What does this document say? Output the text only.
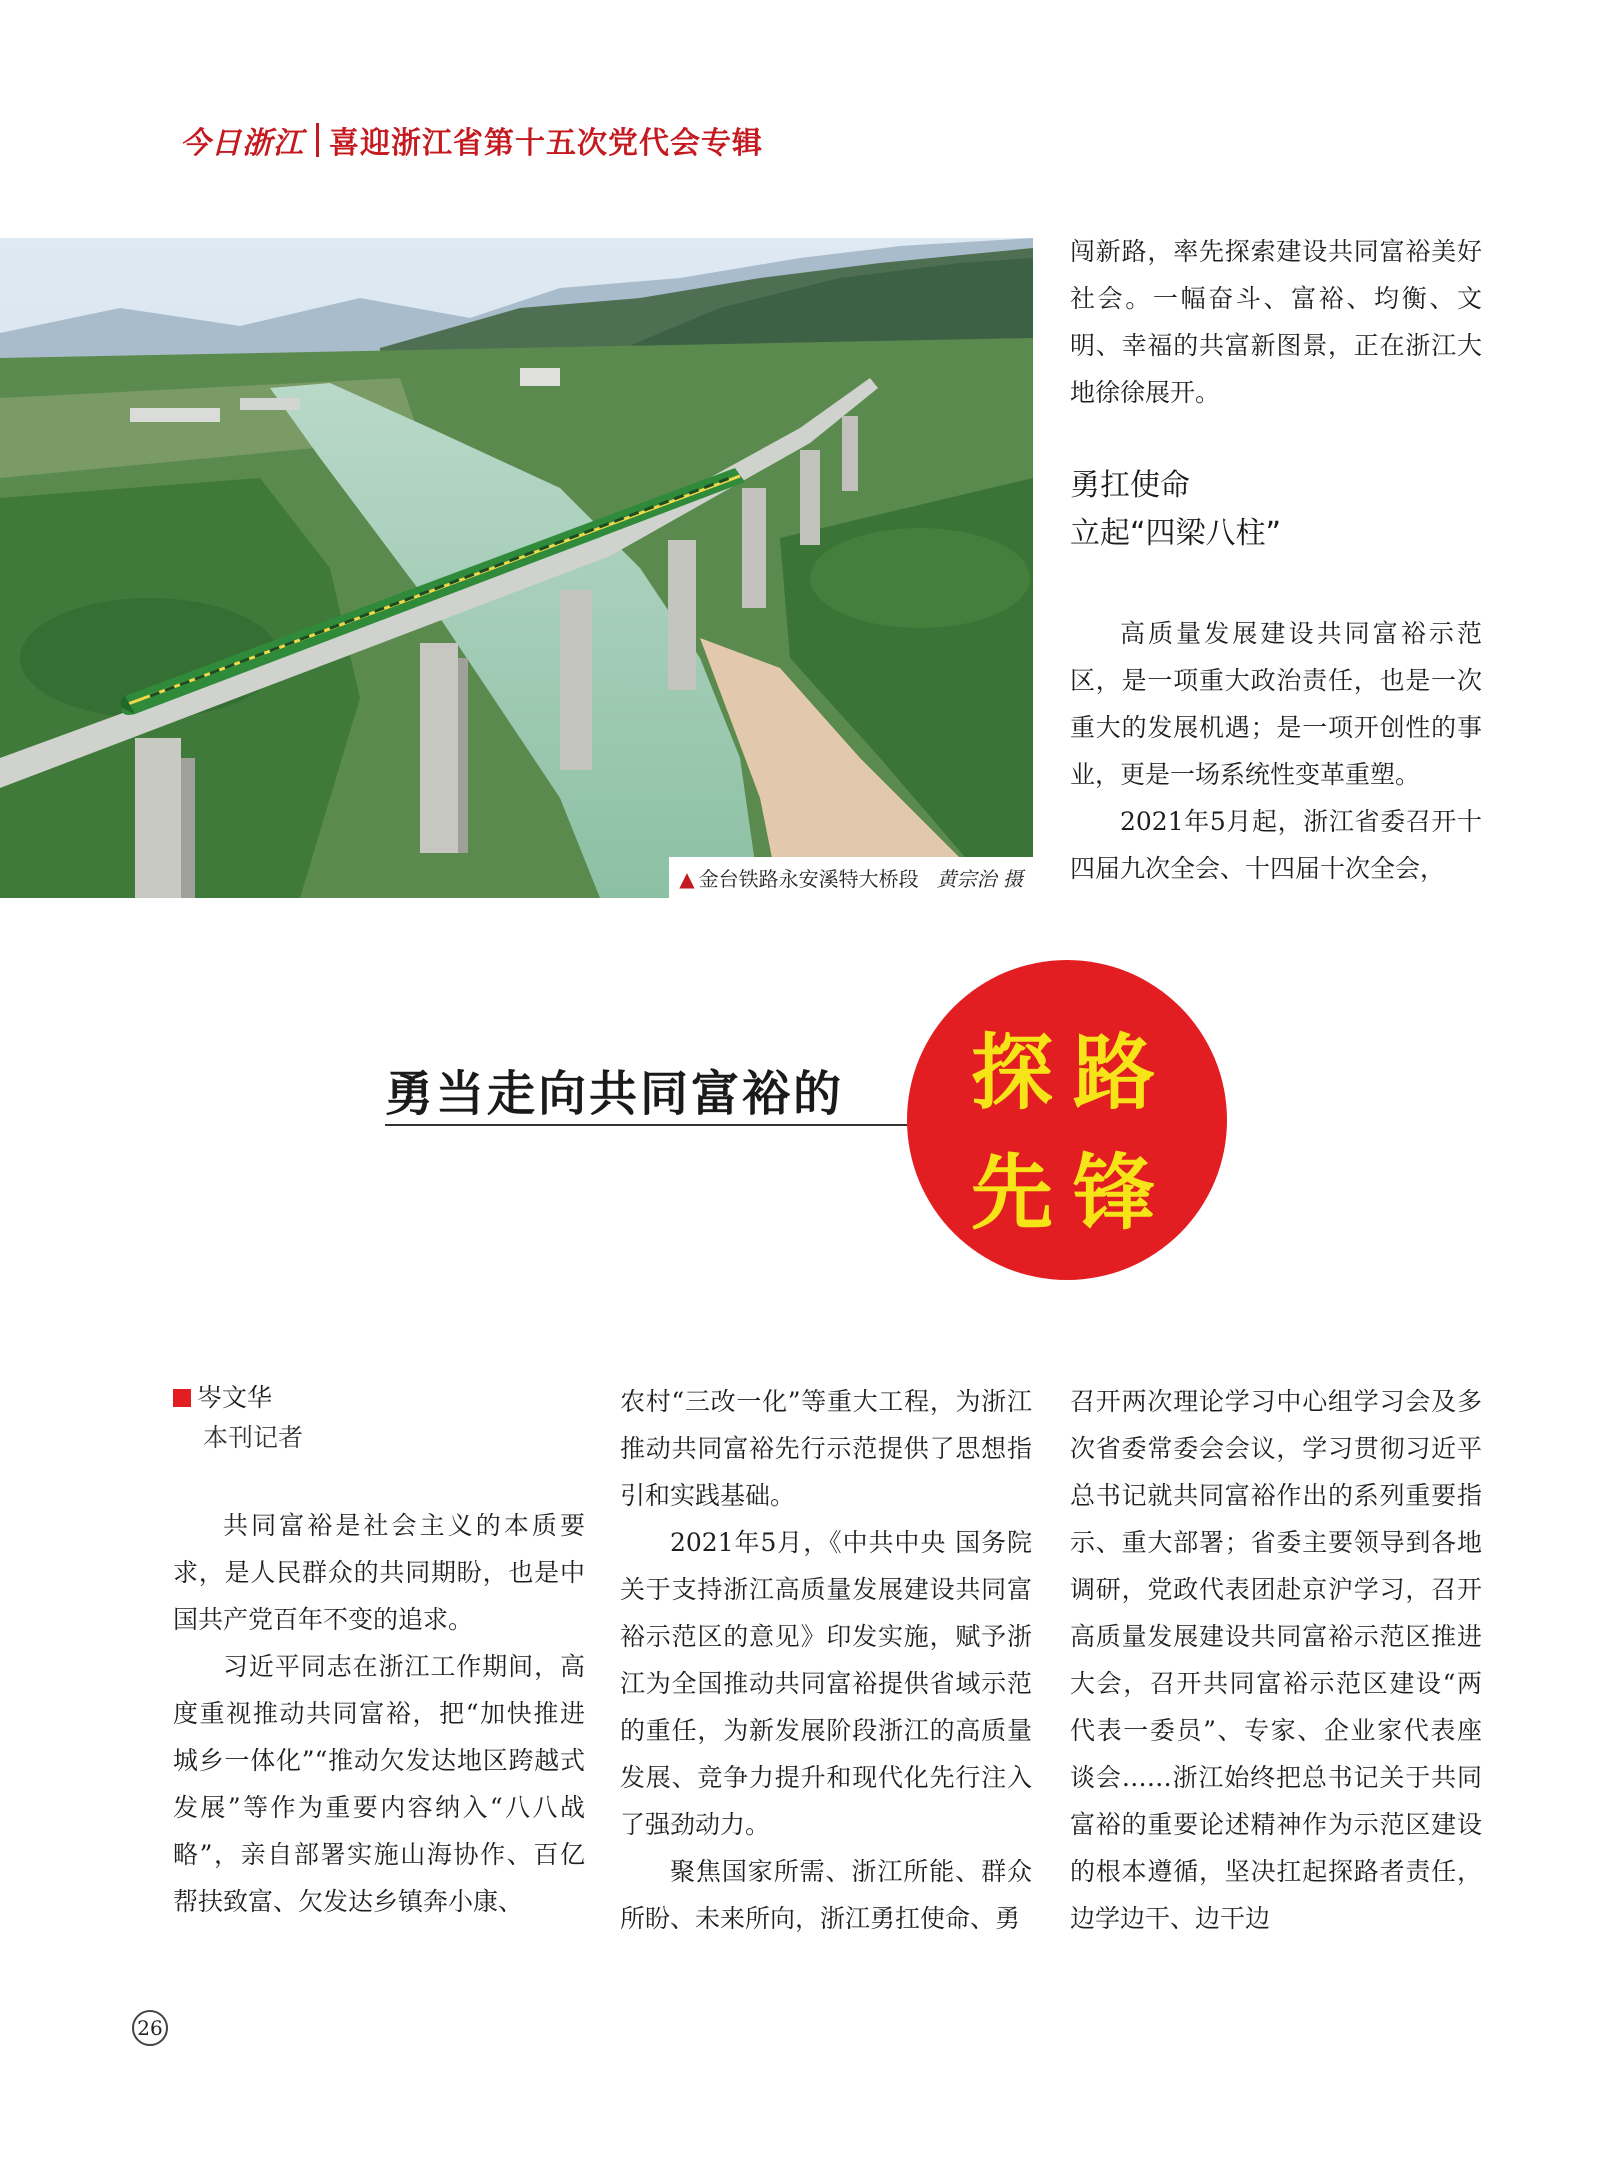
今日浙江 喜迎浙江省第十五次党代会专辑
▲ 金台铁路永安溪特大桥段 黄宗治 摄

闯新路，率先探索建设共同富裕美好社会。一幅奋斗、富裕、均衡、文明、幸福的共富新图景，正在浙江大地徐徐展开。

勇扛使命
立起“四梁八柱”

高质量发展建设共同富裕示范区，是一项重大政治责任，也是一次重大的发展机遇；是一项开创性的事业，更是一场系统性变革重塑。

2021年5月起，浙江省委召开十四届九次全会、十四届十次全会，

勇当走向共同富裕的 探路
先锋
岑文华
本刊记者

共同富裕是社会主义的本质要求，是人民群众的共同期盼，也是中国共产党百年不变的追求。

习近平同志在浙江工作期间，高度重视推动共同富裕，把“加快推进城乡一体化”“推动欠发达地区跨越式发展”等作为重要内容纳入“八八战略”，亲自部署实施山海协作、百亿帮扶致富、欠发达乡镇奔小康、

农村“三改一化”等重大工程，为浙江推动共同富裕先行示范提供了思想指引和实践基础。

2021年5月，《中共中央 国务院关于支持浙江高质量发展建设共同富裕示范区的意见》印发实施，赋予浙江为全国推动共同富裕提供省域示范的重任，为新发展阶段浙江的高质量发展、竞争力提升和现代化先行注入了强劲动力。

聚焦国家所需、浙江所能、群众所盼、未来所向，浙江勇扛使命、勇

召开两次理论学习中心组学习会及多次省委常委会会议，学习贯彻习近平总书记就共同富裕作出的系列重要指示、重大部署；省委主要领导到各地调研，党政代表团赴京沪学习，召开高质量发展建设共同富裕示范区推进大会，召开共同富裕示范区建设“两代表一委员”、专家、企业家代表座谈会……浙江始终把总书记关于共同富裕的重要论述精神作为示范区建设的根本遵循，坚决扛起探路者责任，边学边干、边干边

26
